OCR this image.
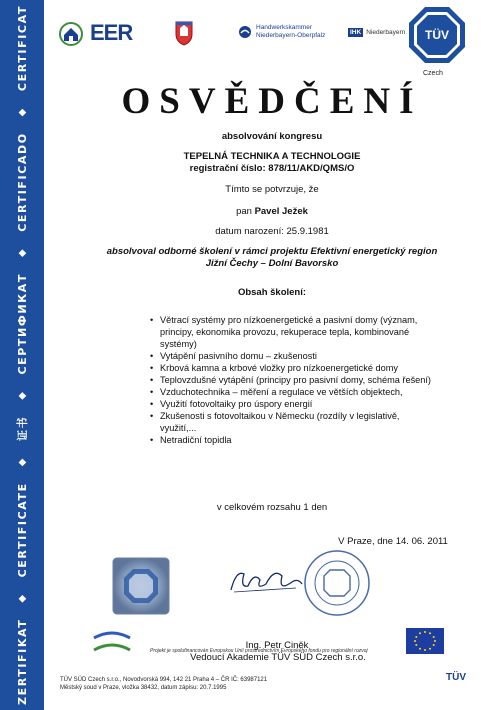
ZERTIFIKAT
◆
CERTIFICATE
◆
证书
◆
СЕРТИФИКАТ
◆
CERTIFICADO
◆
CERTIFICAT	EER	Handwerkskammer
Niederbayern-Oberpfalz	IHK Niederbayern TÜV
Czech
OSVĚDČENÍ
absolvování kongresu
TEPELNÁ TECHNIKA A TECHNOLOGIE
registrační číslo: 878/11/AKD/QMS/O
Tímto se potvrzuje, že
pan Pavel Ježek
datum narození: 25.9.1981
absolvoval odborné školení v rámci projektu Efektivní energetický region
Jižní Čechy – Dolní Bavorsko
Obsah školení:
• Větrací systémy pro nízkoenergetické a pasivní domy (význam,
principy, ekonomika provozu, rekuperace tepla, kombinované
systémy)
• Vytápění pasivního domu – zkušenosti
• Krbová kamna a krbové vložky pro nízkoenergetické domy
• Teplovzdušné vytápění (principy pro pasivní domy, schéma řešení)
• Vzduchotechnika – měření a regulace ve větších objektech,
• Využití fotovoltaiky pro úspory energií
• Zkušenosti s fotovoltaikou v Německu (rozdíly v legislativě,
využití,...
• Netradiční topidla
v celkovém rozsahu 1 den
V Praze, dne 14. 06. 2011
Ing. Petr Ciněk
Vedoucí Akademie TÜV SÜD Czech s.r.o.
Projekt je spolufinancován Evropskou Unií prostřednictvím Evropského fondu pro regionální rozvoj
TÜV
TÜV SÜD Czech s.r.o., Novodvorská 994, 142 21 Praha 4 – ČR IČ: 63987121
Městský soud v Praze, vložka 38432, datum zápisu: 20.7.1995
